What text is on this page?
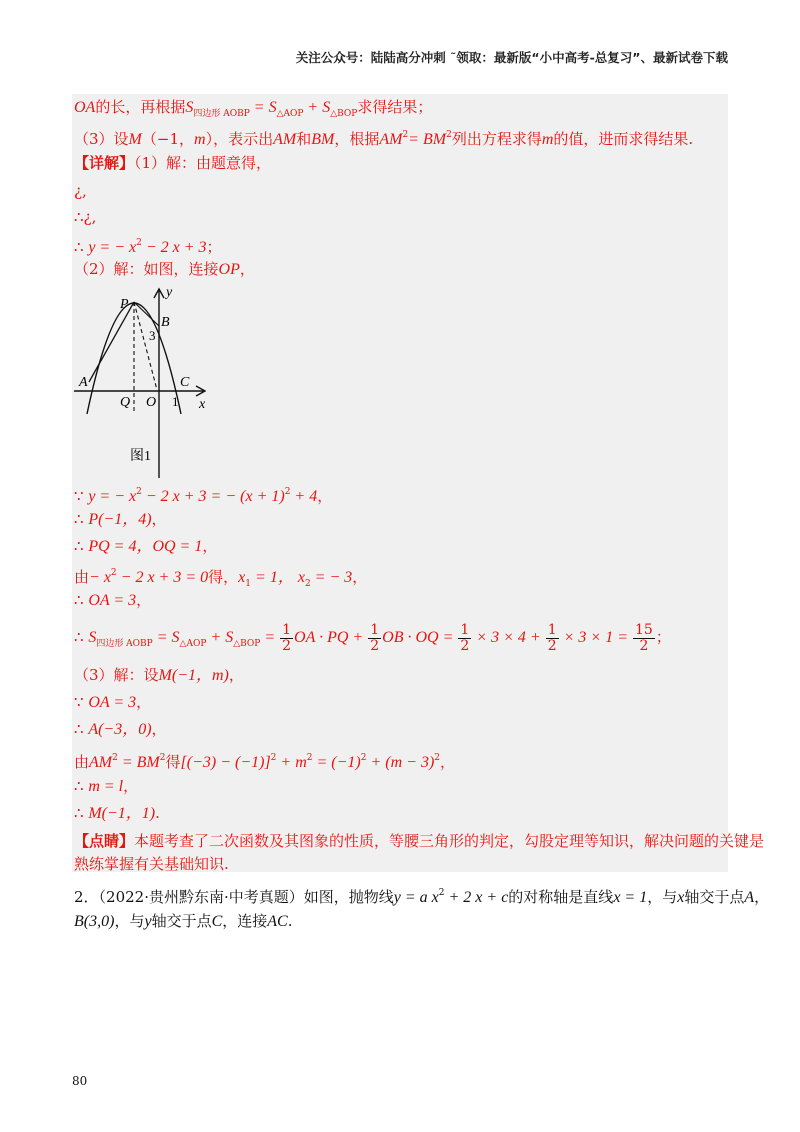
关注公众号：陆陆高分冲刺 ˜领取：最新版“小中高考-总复习”、最新试卷下载
OA的长，再根据$S_{四边形 AOBP} = S_{\triangle AOP} + S_{\triangle BOP}$求得结果；
（3）设M（−1，m），表示出AM和BM，根据$AM^2= BM^2$列出方程求得m的值，进而求得结果.
【详解】（1）解：由题意得，
¿,
∴¿,
∴ y = − $x^2 - 2$ x + 3；
（2）解：如图，连接OP，
P
y
B
3
A	C
Q O 1 x
图1
∵ y = − $x^2 - 2$ x + 3 = − $(x + 1)^2 + 4$，
∴ P(−1，4)，
∴ PQ = 4，OQ = 1，
由− $x^2 - 2$ x + 3 = 0得，$x_1 = 1$， $x_2$ = − 3，
∴ OA = 3，
∴ $S_{四边形 AOBP} = S_{\triangle AOP} + S_{\triangle BOP} = \frac{1}{2}$ OA · PQ + $\frac{1}{2}$ OB · OQ = $\frac{1}{2} \times 3 \times 4 + \frac{1}{2} \times 3 \times 1 = \frac{15}{2}$ ；
（3）解：设M(−1，m)，
∵ OA = 3，
∴ A(−3，0)，
由$AM^2 = BM^2$得$[(-3) - (-1)]^2 + m^2 = (-1)^2 + (m - 3)^2$，
∴ m = l，
∴ M(−1，1).
【点睛】本题考查了二次函数及其图象的性质，等腰三角形的判定，勾股定理等知识，解决问题的关键是
熟练掌握有关基础知识.
2．（2022·贵州黔东南·中考真题）如图，抛物线y = a $x^2 + 2$ x + c的对称轴是直线x = 1，与x轴交于点A，
B(3,0)，与y轴交于点C，连接AC.
80
